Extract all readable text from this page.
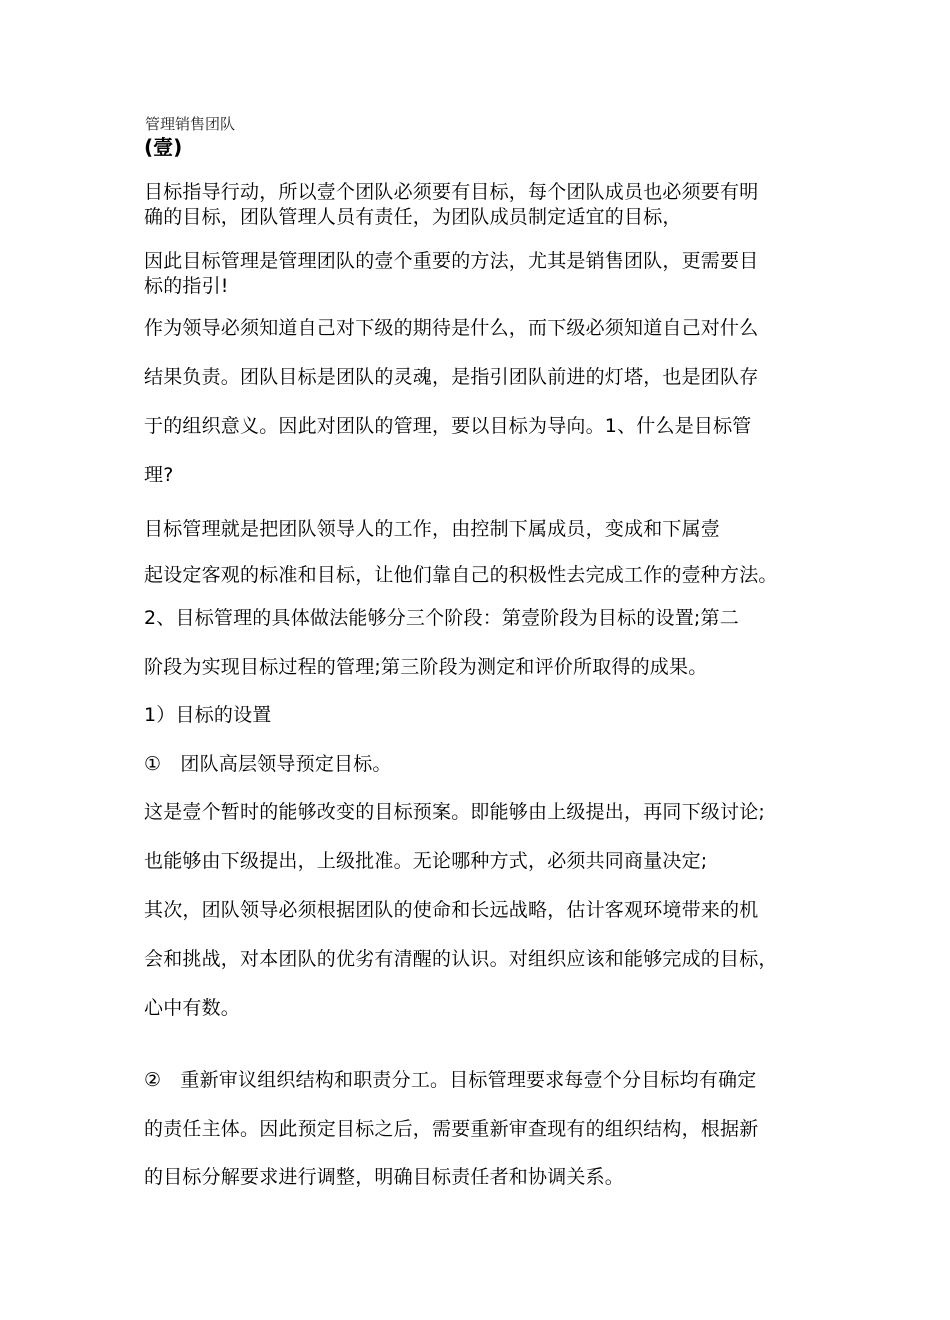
管理销售团队
(壹)
目标指导行动，所以壹个团队必须要有目标，每个团队成员也必须要有明
确的目标，团队管理人员有责任，为团队成员制定适宜的目标，
因此目标管理是管理团队的壹个重要的方法，尤其是销售团队，更需要目
标的指引!
作为领导必须知道自己对下级的期待是什么，而下级必须知道自己对什么
结果负责。团队目标是团队的灵魂，是指引团队前进的灯塔，也是团队存
于的组织意义。因此对团队的管理，要以目标为导向。1、什么是目标管
理?
目标管理就是把团队领导人的工作，由控制下属成员，变成和下属壹
起设定客观的标准和目标，让他们靠自己的积极性去完成工作的壹种方法。
2、目标管理的具体做法能够分三个阶段：第壹阶段为目标的设置;第二
阶段为实现目标过程的管理;第三阶段为测定和评价所取得的成果。
1）目标的设置
①　团队高层领导预定目标。
这是壹个暂时的能够改变的目标预案。即能够由上级提出，再同下级讨论;
也能够由下级提出，上级批准。无论哪种方式，必须共同商量决定;
其次，团队领导必须根据团队的使命和长远战略，估计客观环境带来的机
会和挑战，对本团队的优劣有清醒的认识。对组织应该和能够完成的目标，
心中有数。
②　重新审议组织结构和职责分工。目标管理要求每壹个分目标均有确定
的责任主体。因此预定目标之后，需要重新审查现有的组织结构，根据新
的目标分解要求进行调整，明确目标责任者和协调关系。
